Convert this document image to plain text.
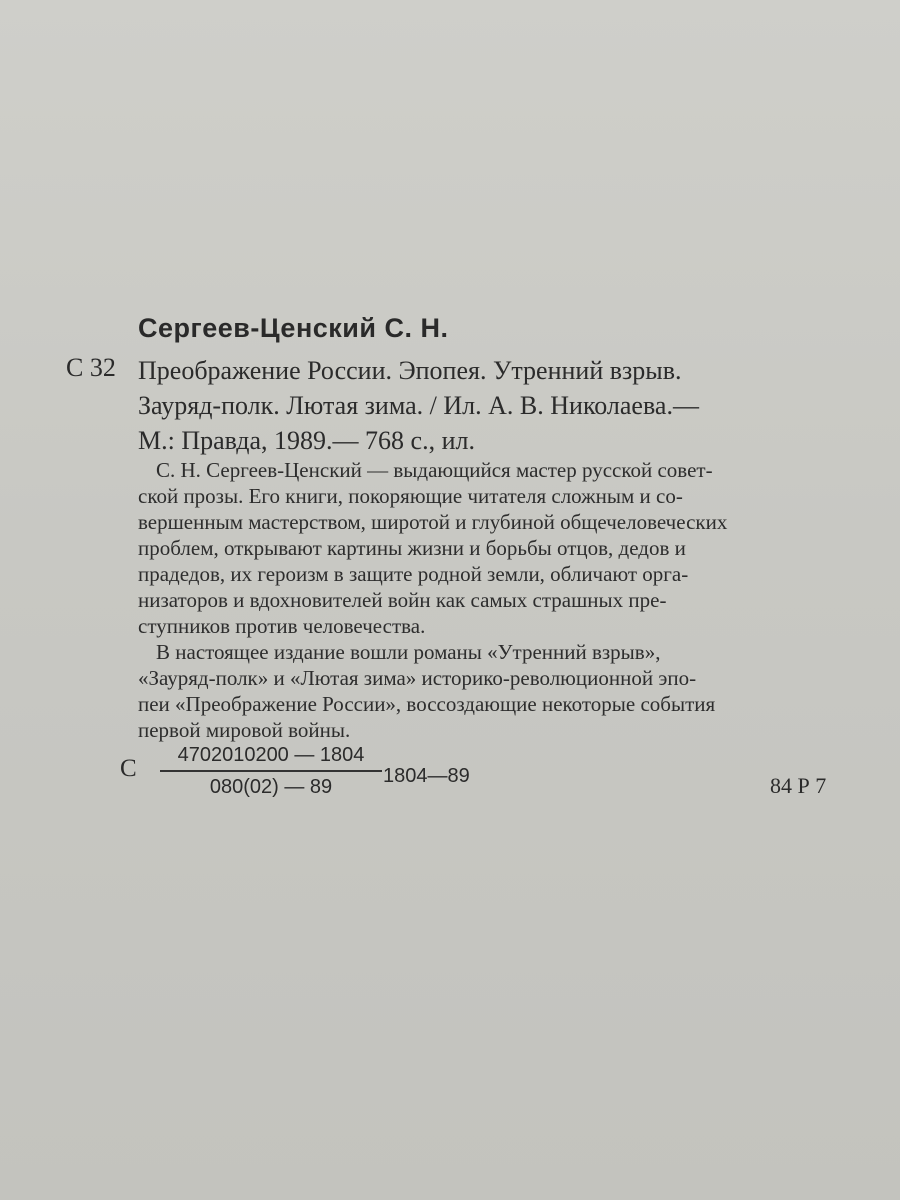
Сергеев-Ценский С. Н.
С 32 Преображение России. Эпопея. Утренний взрыв.
Зауряд-полк. Лютая зима. / Ил. А. В. Николаева.—
М.: Правда, 1989.— 768 с., ил.
С. Н. Сергеев-Ценский — выдающийся мастер русской совет-
ской прозы. Его книги, покоряющие читателя сложным и со-
вершенным мастерством, широтой и глубиной общечеловеческих
проблем, открывают картины жизни и борьбы отцов, дедов и
прадедов, их героизм в защите родной земли, обличают орга-
низаторов и вдохновителей войн как самых страшных пре-
ступников против человечества.
В настоящее издание вошли романы «Утренний взрыв»,
«Зауряд-полк» и «Лютая зима» историко-революционной эпо-
пеи «Преображение России», воссоздающие некоторые события
первой мировой войны.
С $\frac{4702010200 — 1804}{080(02) — 89}$ 1804—89	84 Р 7
